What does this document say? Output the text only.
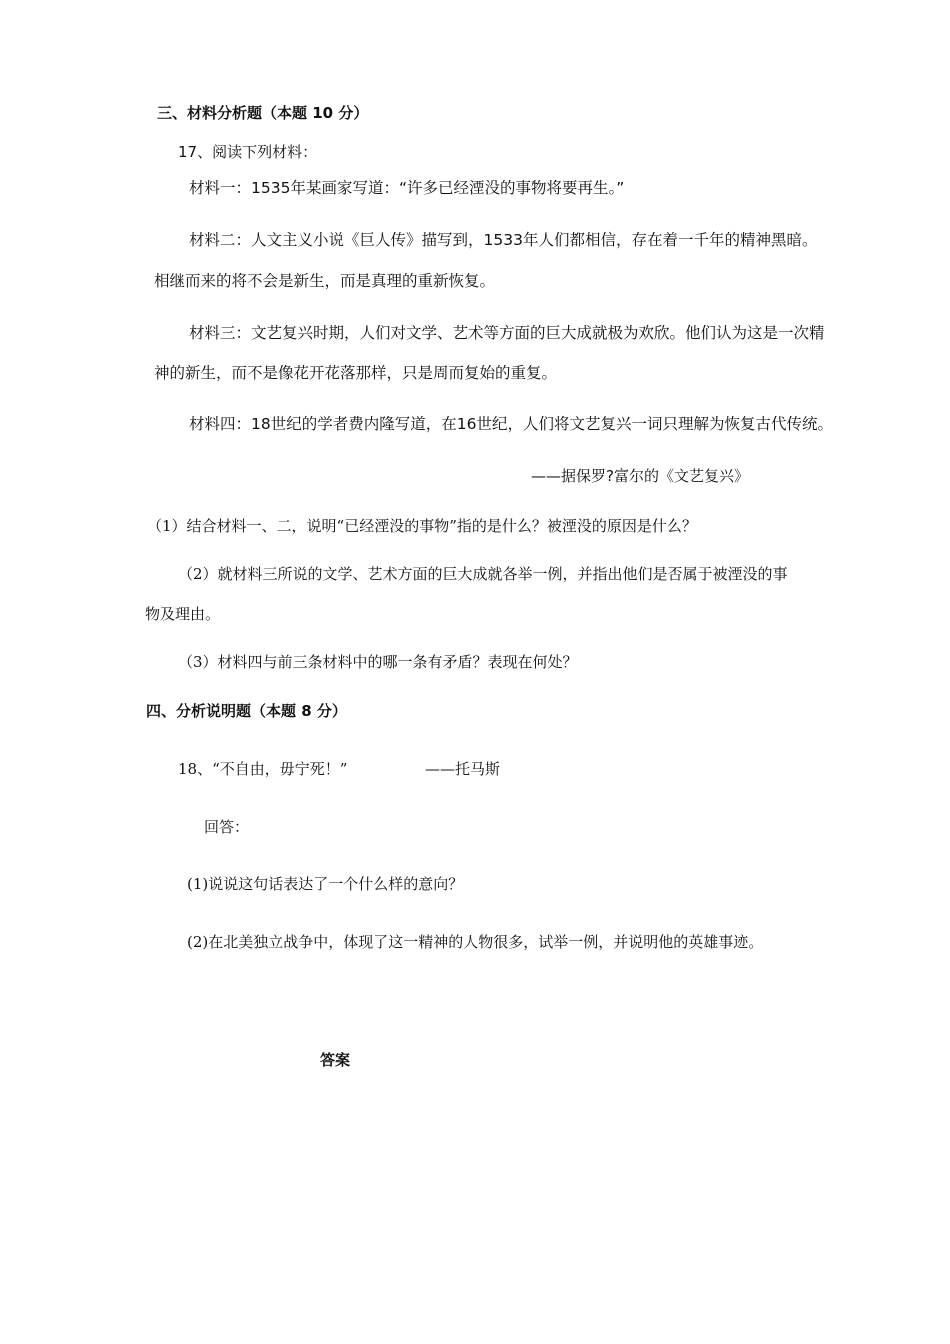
三、材料分析题（本题 10 分）
17、阅读下列材料：
材料一：1535年某画家写道：“许多已经湮没的事物将要再生。”
材料二：人文主义小说《巨人传》描写到，1533年人们都相信，存在着一千年的精神黑暗。
相继而来的将不会是新生，而是真理的重新恢复。
材料三：文艺复兴时期，人们对文学、艺术等方面的巨大成就极为欢欣。他们认为这是一次精
神的新生，而不是像花开花落那样，只是周而复始的重复。
材料四：18世纪的学者费内隆写道，在16世纪，人们将文艺复兴一词只理解为恢复古代传统。
——据保罗?富尔的《文艺复兴》
（1）结合材料一、二，说明“已经湮没的事物”指的是什么？被湮没的原因是什么？
（2）就材料三所说的文学、艺术方面的巨大成就各举一例，并指出他们是否属于被湮没的事
物及理由。
（3）材料四与前三条材料中的哪一条有矛盾？表现在何处？
四、分析说明题（本题 8 分）
18、“不自由，毋宁死！”	——托马斯
回答：
(1)说说这句话表达了一个什么样的意向？
(2)在北美独立战争中，体现了这一精神的人物很多，试举一例，并说明他的英雄事迹。
答案
